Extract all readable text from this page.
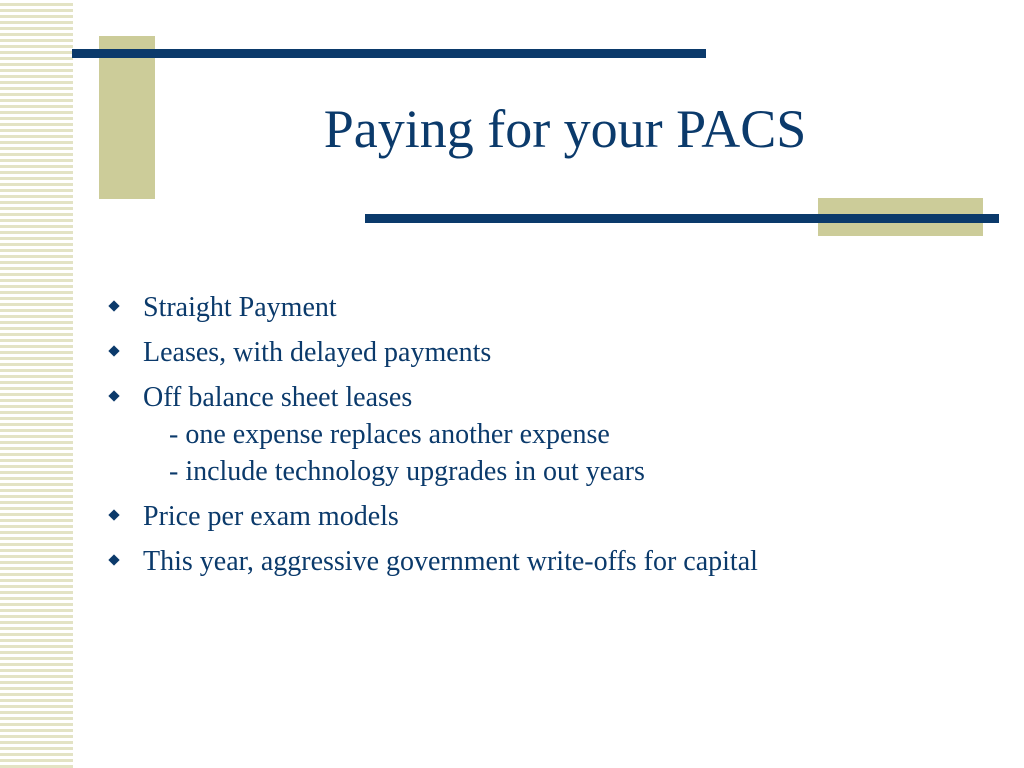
Paying for your PACS
Straight Payment
Leases, with delayed payments
Off balance sheet leases
- one expense replaces another expense
- include technology upgrades in out years
Price per exam models
This year, aggressive government write-offs for capital
